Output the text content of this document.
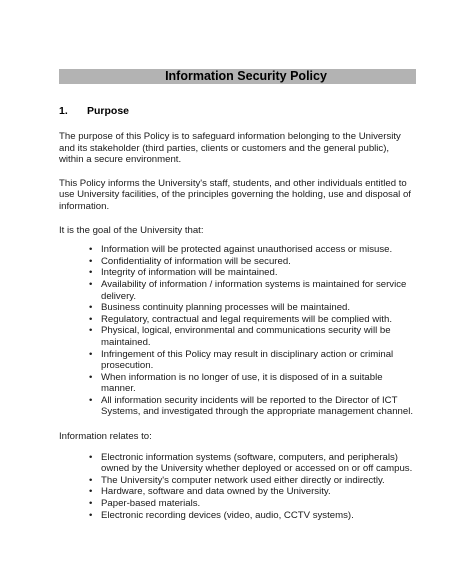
Information Security Policy
1. Purpose

The purpose of this Policy is to safeguard information belonging to the University and its stakeholder (third parties, clients or customers and the general public), within a secure environment.

This Policy informs the University's staff, students, and other individuals entitled to use University facilities, of the principles governing the holding, use and disposal of information.

It is the goal of the University that:

• Information will be protected against unauthorised access or misuse.
• Confidentiality of information will be secured.
• Integrity of information will be maintained.
• Availability of information / information systems is maintained for service delivery.
• Business continuity planning processes will be maintained.
• Regulatory, contractual and legal requirements will be complied with.
• Physical, logical, environmental and communications security will be maintained.
• Infringement of this Policy may result in disciplinary action or criminal prosecution.
• When information is no longer of use, it is disposed of in a suitable manner.
• All information security incidents will be reported to the Director of ICT Systems, and investigated through the appropriate management channel.

Information relates to:

• Electronic information systems (software, computers, and peripherals) owned by the University whether deployed or accessed on or off campus.
• The University's computer network used either directly or indirectly.
• Hardware, software and data owned by the University.
• Paper-based materials.
• Electronic recording devices (video, audio, CCTV systems).
